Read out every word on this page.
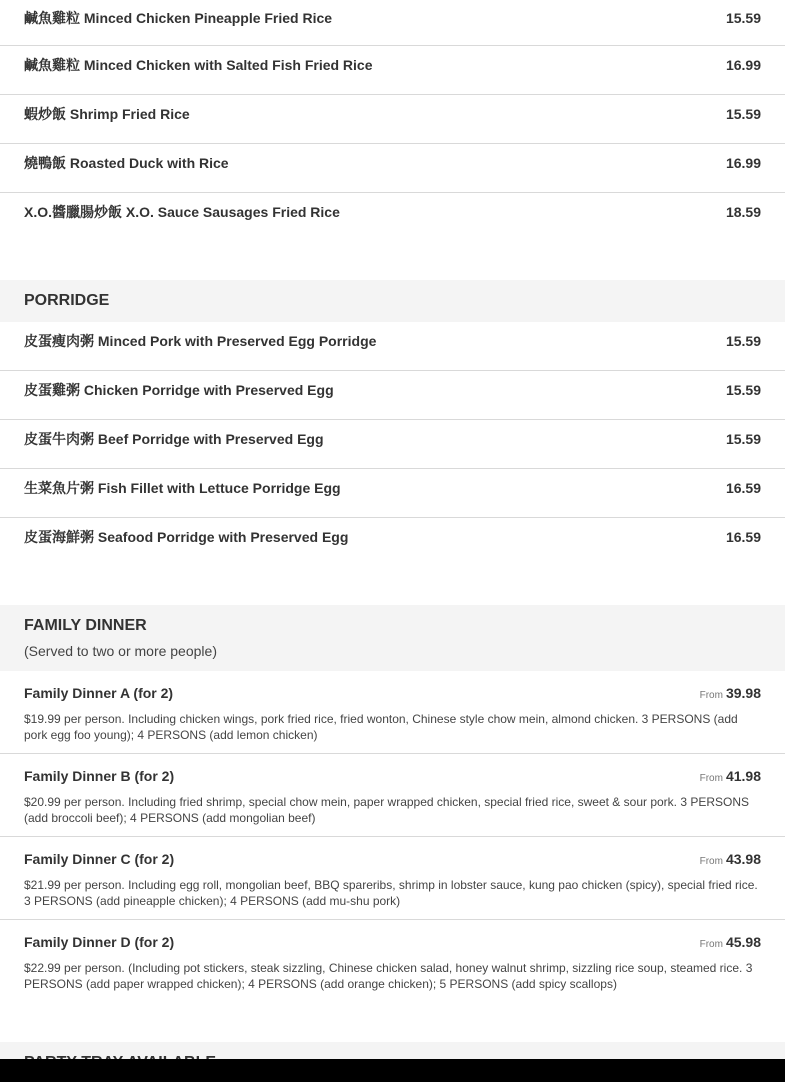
鹹魚雞粒 Minced Chicken Pineapple Fried Rice	15.59
鹹魚雞粒 Minced Chicken with Salted Fish Fried Rice	16.99
蝦炒飯 Shrimp Fried Rice	15.59
燒鴨飯 Roasted Duck with Rice	16.99
X.O.醬臘腸炒飯 X.O. Sauce Sausages Fried Rice	18.59
PORRIDGE
皮蛋瘦肉粥 Minced Pork with Preserved Egg Porridge	15.59
皮蛋雞粥 Chicken Porridge with Preserved Egg	15.59
皮蛋牛肉粥 Beef Porridge with Preserved Egg	15.59
生菜魚片粥 Fish Fillet with Lettuce Porridge Egg	16.59
皮蛋海鮮粥 Seafood Porridge with Preserved Egg	16.59
FAMILY DINNER
(Served to two or more people)
Family Dinner A (for 2)	From 39.98
$19.99 per person. Including chicken wings, pork fried rice, fried wonton, Chinese style chow mein, almond chicken. 3 PERSONS (add pork egg foo young); 4 PERSONS (add lemon chicken)
Family Dinner B (for 2)	From 41.98
$20.99 per person. Including fried shrimp, special chow mein, paper wrapped chicken, special fried rice, sweet & sour pork. 3 PERSONS (add broccoli beef); 4 PERSONS (add mongolian beef)
Family Dinner C (for 2)	From 43.98
$21.99 per person. Including egg roll, mongolian beef, BBQ spareribs, shrimp in lobster sauce, kung pao chicken (spicy), special fried rice. 3 PERSONS (add pineapple chicken); 4 PERSONS (add mu-shu pork)
Family Dinner D (for 2)	From 45.98
$22.99 per person. (Including pot stickers, steak sizzling, Chinese chicken salad, honey walnut shrimp, sizzling rice soup, steamed rice. 3 PERSONS (add paper wrapped chicken); 4 PERSONS (add orange chicken); 5 PERSONS (add spicy scallops)
